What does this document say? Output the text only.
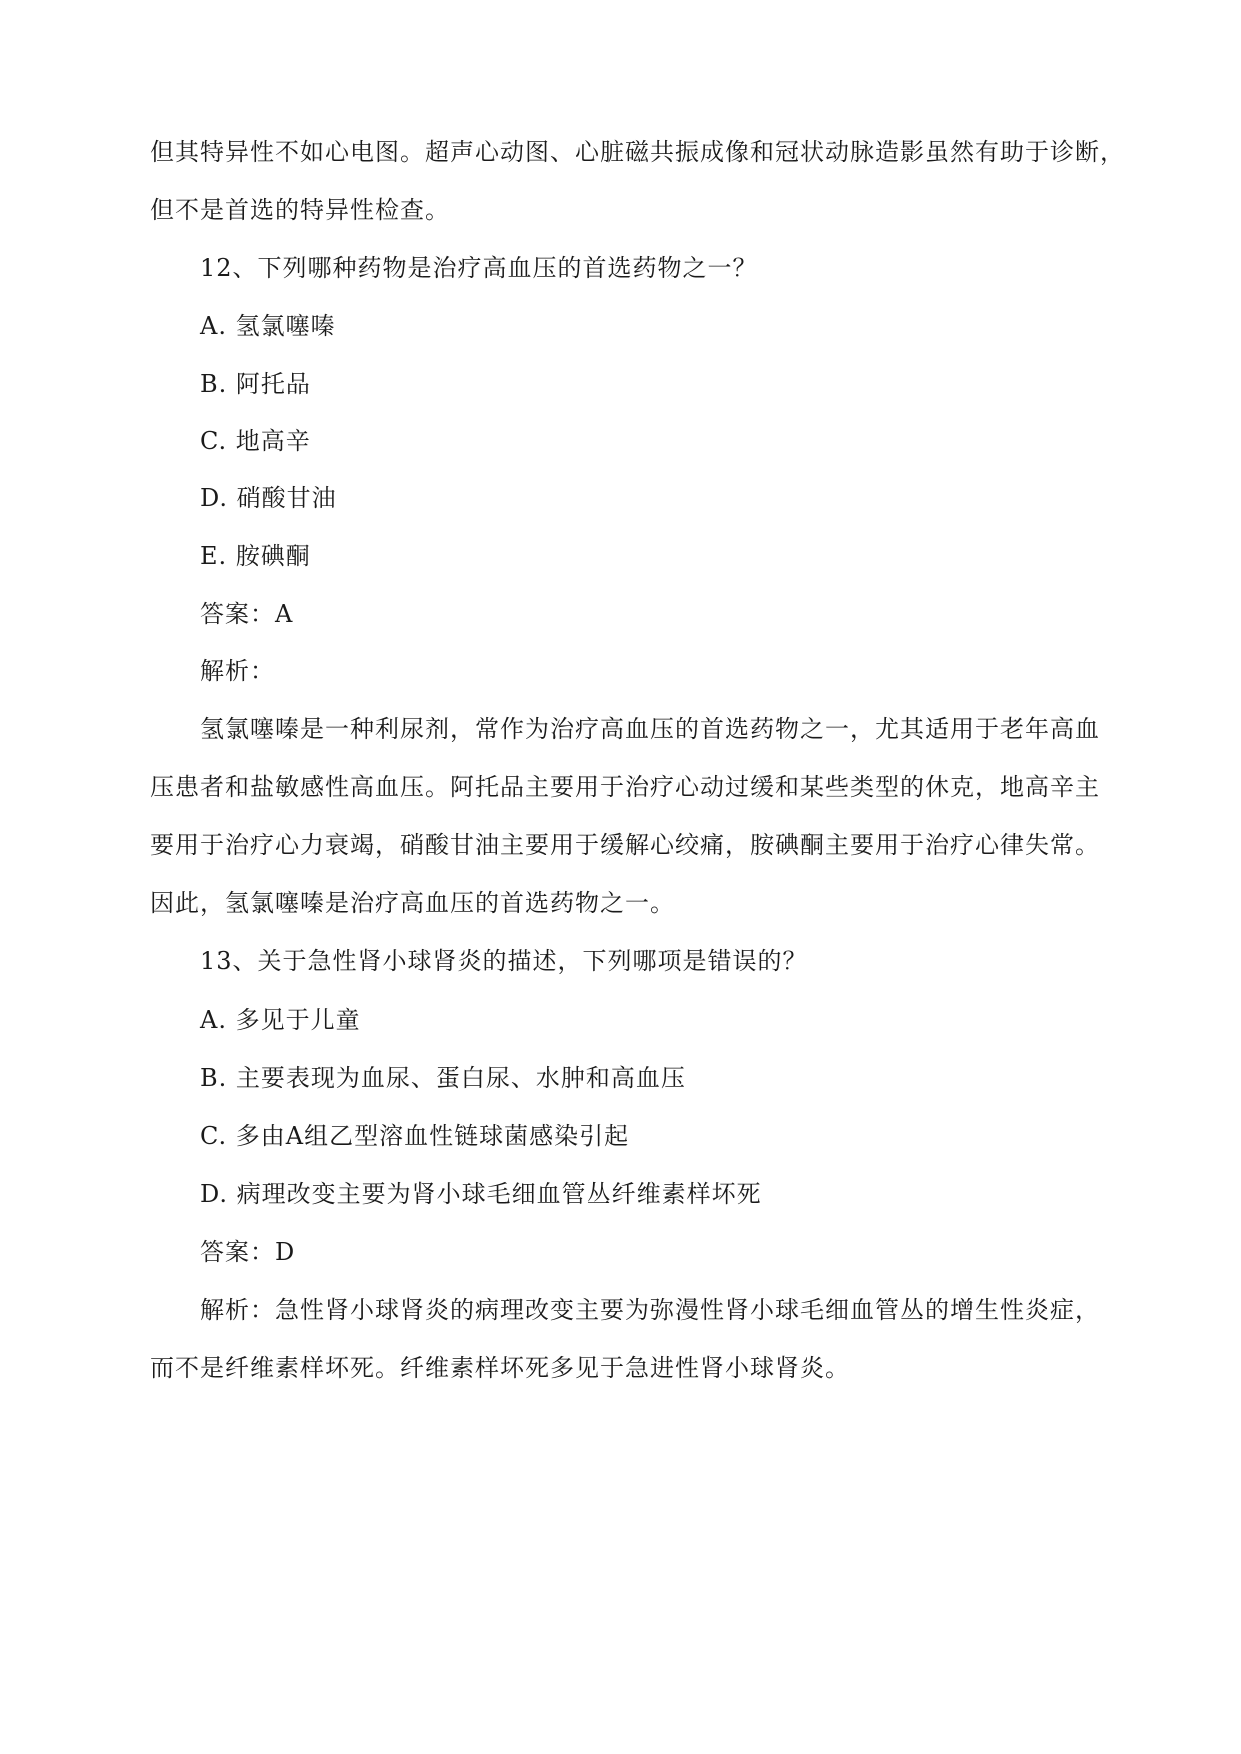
但其特异性不如心电图。超声心动图、心脏磁共振成像和冠状动脉造影虽然有助于诊断，
但不是首选的特异性检查。
12、下列哪种药物是治疗高血压的首选药物之一？
A. 氢氯噻嗪
B. 阿托品
C. 地高辛
D. 硝酸甘油
E. 胺碘酮
答案：A
解析：
氢氯噻嗪是一种利尿剂，常作为治疗高血压的首选药物之一，尤其适用于老年高血
压患者和盐敏感性高血压。阿托品主要用于治疗心动过缓和某些类型的休克，地高辛主
要用于治疗心力衰竭，硝酸甘油主要用于缓解心绞痛，胺碘酮主要用于治疗心律失常。
因此，氢氯噻嗪是治疗高血压的首选药物之一。
13、关于急性肾小球肾炎的描述，下列哪项是错误的？
A. 多见于儿童
B. 主要表现为血尿、蛋白尿、水肿和高血压
C. 多由A组乙型溶血性链球菌感染引起
D. 病理改变主要为肾小球毛细血管丛纤维素样坏死
答案：D
解析：急性肾小球肾炎的病理改变主要为弥漫性肾小球毛细血管丛的增生性炎症，
而不是纤维素样坏死。纤维素样坏死多见于急进性肾小球肾炎。
